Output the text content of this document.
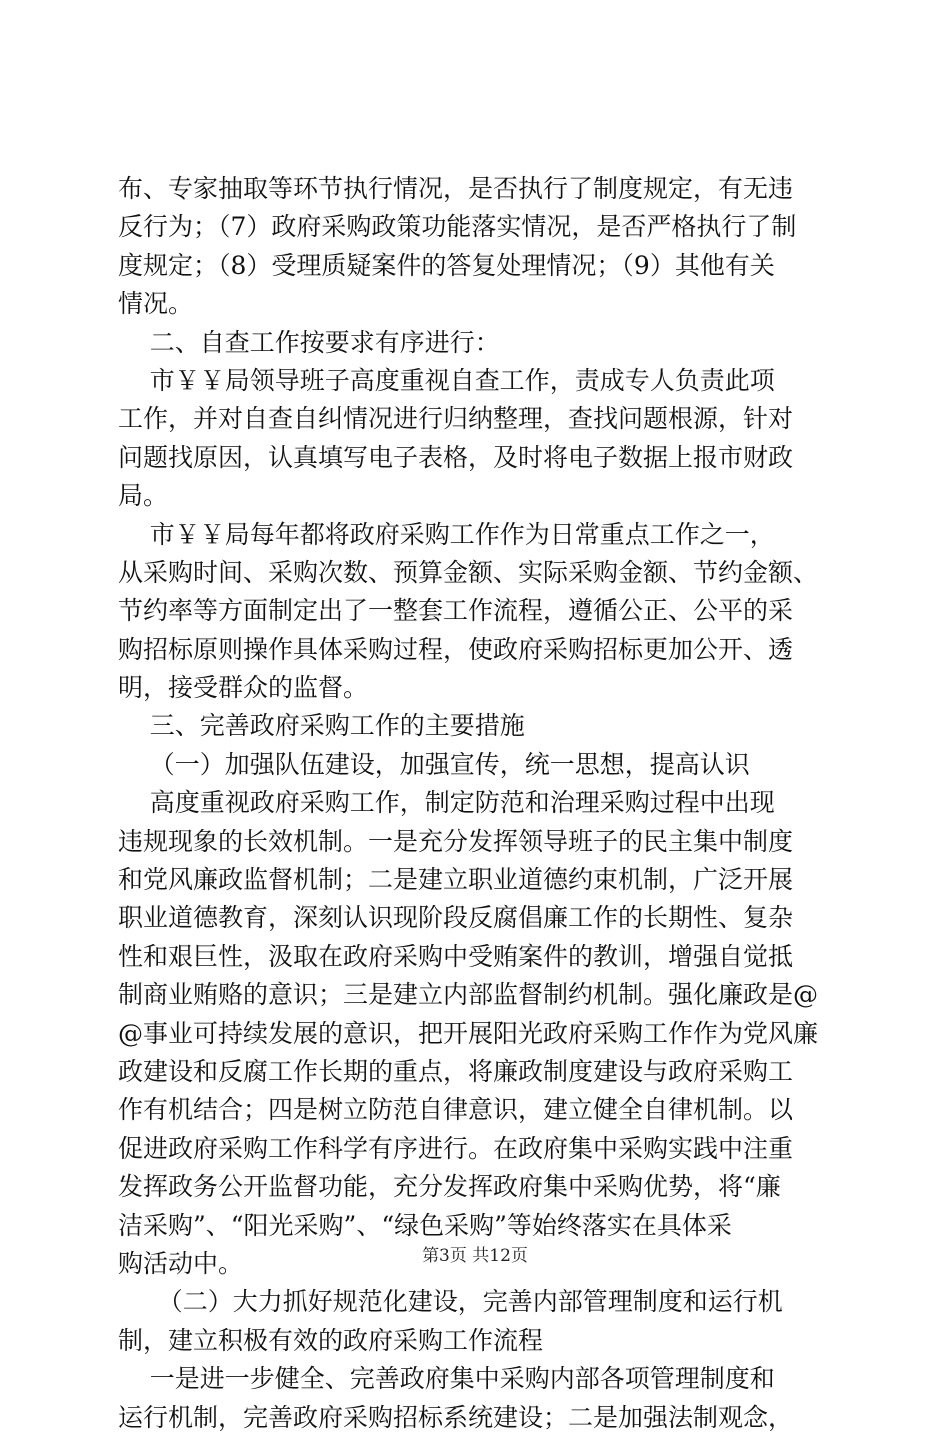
布、专家抽取等环节执行情况，是否执行了制度规定，有无违
反行为；（7）政府采购政策功能落实情况，是否严格执行了制
度规定；（8）受理质疑案件的答复处理情况；（9）其他有关
情况。
二、自查工作按要求有序进行：
市￥￥局领导班子高度重视自查工作，责成专人负责此项
工作，并对自查自纠情况进行归纳整理，查找问题根源，针对
问题找原因，认真填写电子表格，及时将电子数据上报市财政
局。
市￥￥局每年都将政府采购工作作为日常重点工作之一，
从采购时间、采购次数、预算金额、实际采购金额、节约金额、
节约率等方面制定出了一整套工作流程，遵循公正、公平的采
购招标原则操作具体采购过程，使政府采购招标更加公开、透
明，接受群众的监督。
三、完善政府采购工作的主要措施
（一）加强队伍建设，加强宣传，统一思想，提高认识
高度重视政府采购工作，制定防范和治理采购过程中出现
违规现象的长效机制。一是充分发挥领导班子的民主集中制度
和党风廉政监督机制；二是建立职业道德约束机制，广泛开展
职业道德教育，深刻认识现阶段反腐倡廉工作的长期性、复杂
性和艰巨性，汲取在政府采购中受贿案件的教训，增强自觉抵
制商业贿赂的意识；三是建立内部监督制约机制。强化廉政是@
@事业可持续发展的意识，把开展阳光政府采购工作作为党风廉
政建设和反腐工作长期的重点，将廉政制度建设与政府采购工
作有机结合；四是树立防范自律意识，建立健全自律机制。以
促进政府采购工作科学有序进行。在政府集中采购实践中注重
发挥政务公开监督功能，充分发挥政府集中采购优势，将“廉
洁采购”、“阳光采购”、“绿色采购”等始终落实在具体采
购活动中。
（二）大力抓好规范化建设，完善内部管理制度和运行机
制，建立积极有效的政府采购工作流程
一是进一步健全、完善政府集中采购内部各项管理制度和
运行机制，完善政府采购招标系统建设；二是加强法制观念，
第3页 共12页
